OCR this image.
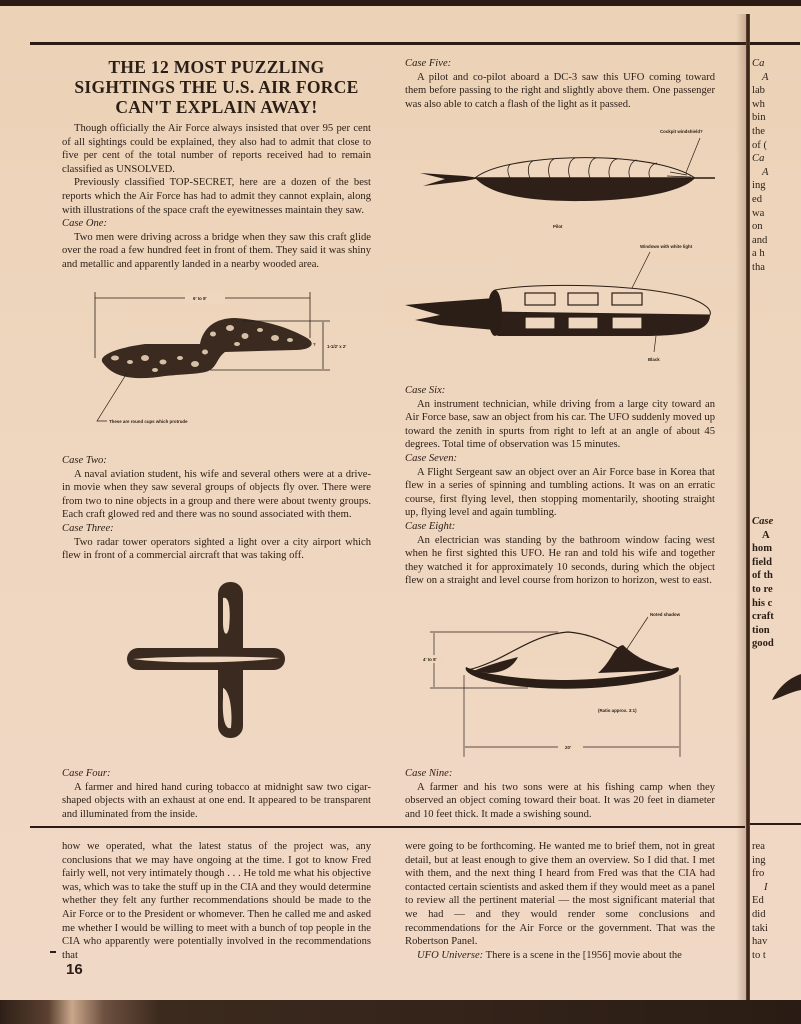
THE 12 MOST PUZZLING
SIGHTINGS THE U.S. AIR FORCE
CAN'T EXPLAIN AWAY!

Though officially the Air Force always insisted that over 95 per cent of all sightings could be explained, they also had to admit that close to five per cent of the total number of reports received had to remain classified as UNSOLVED.

Previously classified TOP-SECRET, here are a dozen of the best reports which the Air Force has had to admit they cannot explain, along with illustrations of the space craft the eyewitnesses maintain they saw.

Case One:

Two men were driving across a bridge when they saw this craft glide over the road a few hundred feet in front of them. They said it was shiny and metallic and apparently landed in a nearby wooded area.

6' to 8'
?	1-1/2' x 2'
These are round cups which protrude
Case Two:

A naval aviation student, his wife and several others were at a drive-in movie when they saw several groups of objects fly over. There were from two to nine objects in a group and there were about twenty groups. Each craft glowed red and there was no sound associated with them.

Case Three:

Two radar tower operators sighted a light over a city airport which flew in front of a commercial aircraft that was taking off.

Case Four:

A farmer and hired hand curing tobacco at midnight saw two cigar-shaped objects with an exhaust at one end. It appeared to be transparent and illuminated from the inside.

Case Five:

A pilot and co-pilot aboard a DC-3 saw this UFO coming toward them before passing to the right and slightly above them. One passenger was also able to catch a flash of the light as it passed.

Cockpit windshield?
Pilot
Windows with white light
Black
Case Six:

An instrument technician, while driving from a large city toward an Air Force base, saw an object from his car. The UFO suddenly moved up toward the zenith in spurts from right to left at an angle of about 45 degrees. Total time of observation was 15 minutes.

Case Seven:

A Flight Sergeant saw an object over an Air Force base in Korea that flew in a series of spinning and tumbling actions. It was on an erratic course, first flying level, then stopping momentarily, shooting straight up, flying level and again tumbling.

Case Eight:

An electrician was standing by the bathroom window facing west when he first sighted this UFO. He ran and told his wife and together they watched it for approximately 10 seconds, during which the object flew on a straight and level course from horizon to horizon, west to east.

Noted shadow
4' to 8'
(Ratio approx. 3:1)
20'
Case Nine:

A farmer and his two sons were at his fishing camp when they observed an object coming toward their boat. It was 20 feet in diameter and 10 feet thick. It made a swishing sound.

how we operated, what the latest status of the project was, any conclusions that we may have ongoing at the time. I got to know Fred fairly well, not very intimately though . . . He told me what his objective was, which was to take the stuff up in the CIA and they would determine whether they felt any further recommendations should be made to the Air Force or to the President or whomever. Then he called me and asked me whether I would be willing to meet with a bunch of top people in the CIA who apparently were potentially involved in the recommendations that

16

were going to be forthcoming. He wanted me to brief them, not in great detail, but at least enough to give them an overview. So I did that. I met with them, and the next thing I heard from Fred was that the CIA had contacted certain scientists and asked them if they would meet as a panel to review all the pertinent material — the most significant material that we had — and they would render some conclusions and recommendations for the Air Force or the government. That was the Robertson Panel.

UFO Universe: There is a scene in the [1956] movie about the

Ca
A
lab
wh
bin
the
of (
Ca
A
ing
ed
wa
on
and
a h
tha
Case
A
hom
field
of th
to re
his c
craft
tion
good
rea
ing
fro
I
Ed
did
taki
hav
to t
